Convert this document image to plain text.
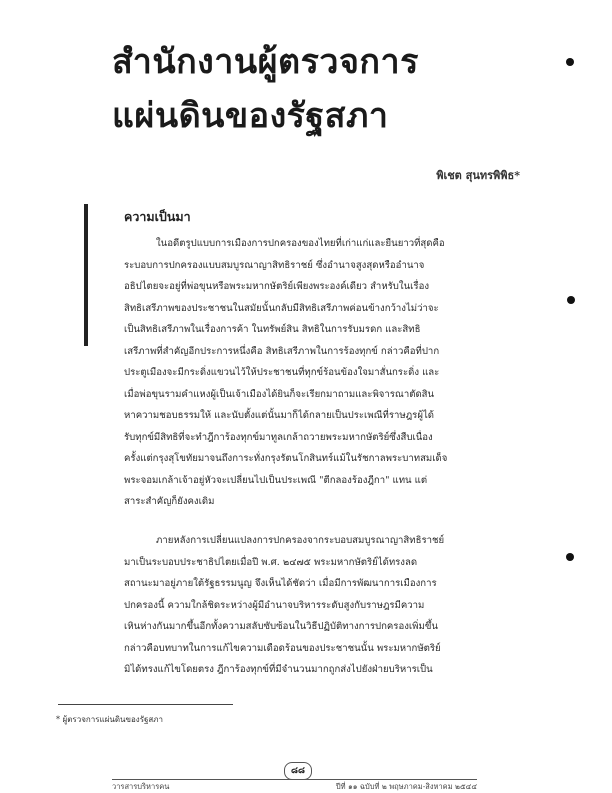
สำนักงานผู้ตรวจการ
แผ่นดินของรัฐสภา
พิเชต สุนทรพิพิธ*
ความเป็นมา
ในอดีตรูปแบบการเมืองการปกครองของไทยที่เก่าแก่และยืนยาวที่สุดคือ
ระบอบการปกครองแบบสมบูรณาญาสิทธิราชย์ ซึ่งอำนาจสูงสุดหรืออำนาจ
อธิปไตยจะอยู่ที่พ่อขุนหรือพระมหากษัตริย์เพียงพระองค์เดียว สำหรับในเรื่อง
สิทธิเสรีภาพของประชาชนในสมัยนั้นกลับมีสิทธิเสรีภาพค่อนข้างกว้างไม่ว่าจะ
เป็นสิทธิเสรีภาพในเรื่องการค้า ในทรัพย์สิน สิทธิในการรับมรดก และสิทธิ
เสรีภาพที่สำคัญอีกประการหนึ่งคือ สิทธิเสรีภาพในการร้องทุกข์ กล่าวคือที่ปาก
ประตูเมืองจะมีกระดิ่งแขวนไว้ให้ประชาชนที่ทุกข์ร้อนข้องใจมาสั่นกระดิ่ง และ
เมื่อพ่อขุนรามคำแหงผู้เป็นเจ้าเมืองได้ยินก็จะเรียกมาถามและพิจารณาตัดสิน
หาความชอบธรรมให้ และนับตั้งแต่นั้นมาก็ได้กลายเป็นประเพณีที่ราษฎรผู้ได้
รับทุกข์มีสิทธิที่จะทำฎีการ้องทุกข์มาทูลเกล้าถวายพระมหากษัตริย์ซึ่งสืบเนื่อง
ครั้งแต่กรุงสุโขทัยมาจนถึงการะทั่งกรุงรัตนโกสินทร์แม้ในรัชกาลพระบาทสมเด็จ
พระจอมเกล้าเจ้าอยู่หัวจะเปลี่ยนไปเป็นประเพณี "ตีกลองร้องฎีกา" แทน แต่
สาระสำคัญก็ยังคงเดิม
ภายหลังการเปลี่ยนแปลงการปกครองจากระบอบสมบูรณาญาสิทธิราชย์
มาเป็นระบอบประชาธิปไตยเมื่อปี พ.ศ. ๒๔๗๕ พระมหากษัตริย์ได้ทรงลด
สถานะมาอยู่ภายใต้รัฐธรรมนูญ จึงเห็นได้ชัดว่า เมื่อมีการพัฒนาการเมืองการ
ปกครองนี้ ความใกล้ชิดระหว่างผู้มีอำนาจบริหารระดับสูงกับราษฎรมีความ
เหินห่างกันมากขึ้นอีกทั้งความสลับซับซ้อนในวิธีปฏิบัติทางการปกครองเพิ่มขึ้น
กล่าวคือบทบาทในการแก้ไขความเดือดร้อนของประชาชนนั้น พระมหากษัตริย์
มิได้ทรงแก้ไขโดยตรง ฎีการ้องทุกข์ที่มีจำนวนมากถูกส่งไปยังฝ่ายบริหารเป็น
* ผู้ตรวจการแผ่นดินของรัฐสภา
วารสารบริหารคน	ปีที่ ๑๑ ฉบับที่ ๒ พฤษภาคม-สิงหาคม ๒๕๔๔
๘๘
